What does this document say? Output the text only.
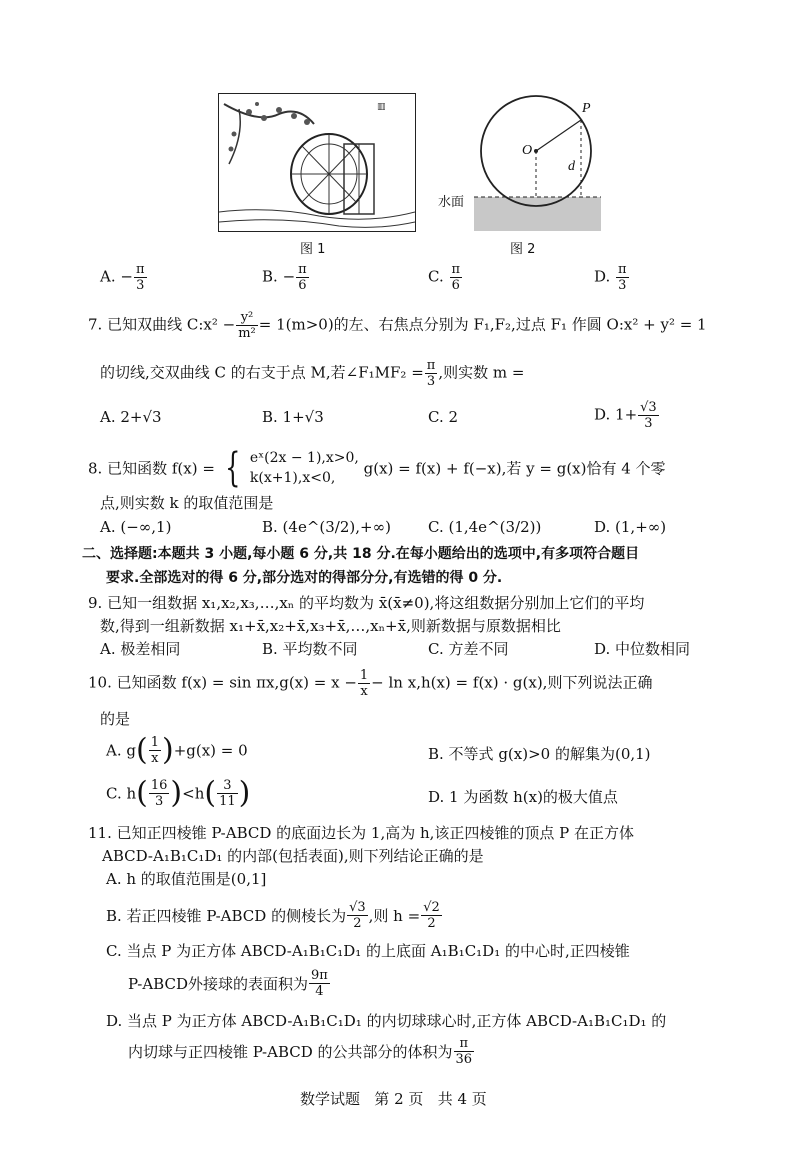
▥
图 1
P
O
d
水面
图 2
A. − $\frac{\pi}{3}$	B. − $\frac{\pi}{6}$	C. $\frac{\pi}{6}$	D. $\frac{\pi}{3}$
7. 已知双曲线 C:x² − $\frac{\text{y²}}{\text{m²}} = 1(m>0)$的左、右焦点分别为 F₁,F₂,过点 F₁ 作圆 O:x² + y² = 1
的切线,交双曲线 C 的右支于点 M,若∠F₁MF₂ = $\frac{\pi}{3}$ ,则实数 m =
A. 2+√3	B. 1+√3	C. 2	D. $1+ \frac{√3}{3}$
8. 已知函数 f(x) = { eˣ(2x − 1),x>0,
k(x+1),x<0,
g(x) = f(x) + f(−x),若 y = g(x)恰有 4 个零
点,则实数 k 的取值范围是
A. (−∞,1)	B. (4e^(3/2),+∞) C. (1,4e^(3/2))	D. (1,+∞)
二、选择题:本题共 3 小题,每小题 6 分,共 18 分.在每小题给出的选项中,有多项符合题目
要求.全部选对的得 6 分,部分选对的得部分分,有选错的得 0 分.
9. 已知一组数据 x₁,x₂,x₃,…,xₙ 的平均数为 x̄(x̄≠0),将这组数据分别加上它们的平均
数,得到一组新数据 x₁+x̄,x₂+x̄,x₃+x̄,…,xₙ+x̄,则新数据与原数据相比
A. 极差相同	B. 平均数不同	C. 方差不同	D. 中位数相同
10. 已知函数 $f(x) = \sin \pi x,g(x) = x - \frac{1}{x} - \ln x,h(x) = f(x) \cdot g(x)$,则下列说法正确
的是
A. $g( \frac{1}{x} )+g(x) = 0$	B. 不等式 g(x)>0 的解集为(0,1)
C. $h( \frac{16}{3} )<h( \frac{3}{11}$ )	D. 1 为函数 h(x)的极大值点
11. 已知正四棱锥 P-ABCD 的底面边长为 1,高为 h,该正四棱锥的顶点 P 在正方体
ABCD-A₁B₁C₁D₁ 的内部(包括表面),则下列结论正确的是
A. h 的取值范围是(0,1]
B. 若正四棱锥 P-ABCD 的侧棱长为 $\frac{√3}{2}$ ,则 $h = \frac{√2}{2}$
C. 当点 P 为正方体 ABCD-A₁B₁C₁D₁ 的上底面 A₁B₁C₁D₁ 的中心时,正四棱锥
P-ABCD外接球的表面积为 $\frac{9\pi}{4}$
D. 当点 P 为正方体 ABCD-A₁B₁C₁D₁ 的内切球球心时,正方体 ABCD-A₁B₁C₁D₁ 的
内切球与正四棱锥 P-ABCD 的公共部分的体积为 $\frac{\pi}{36}$
数学试题   第 2 页   共 4 页
